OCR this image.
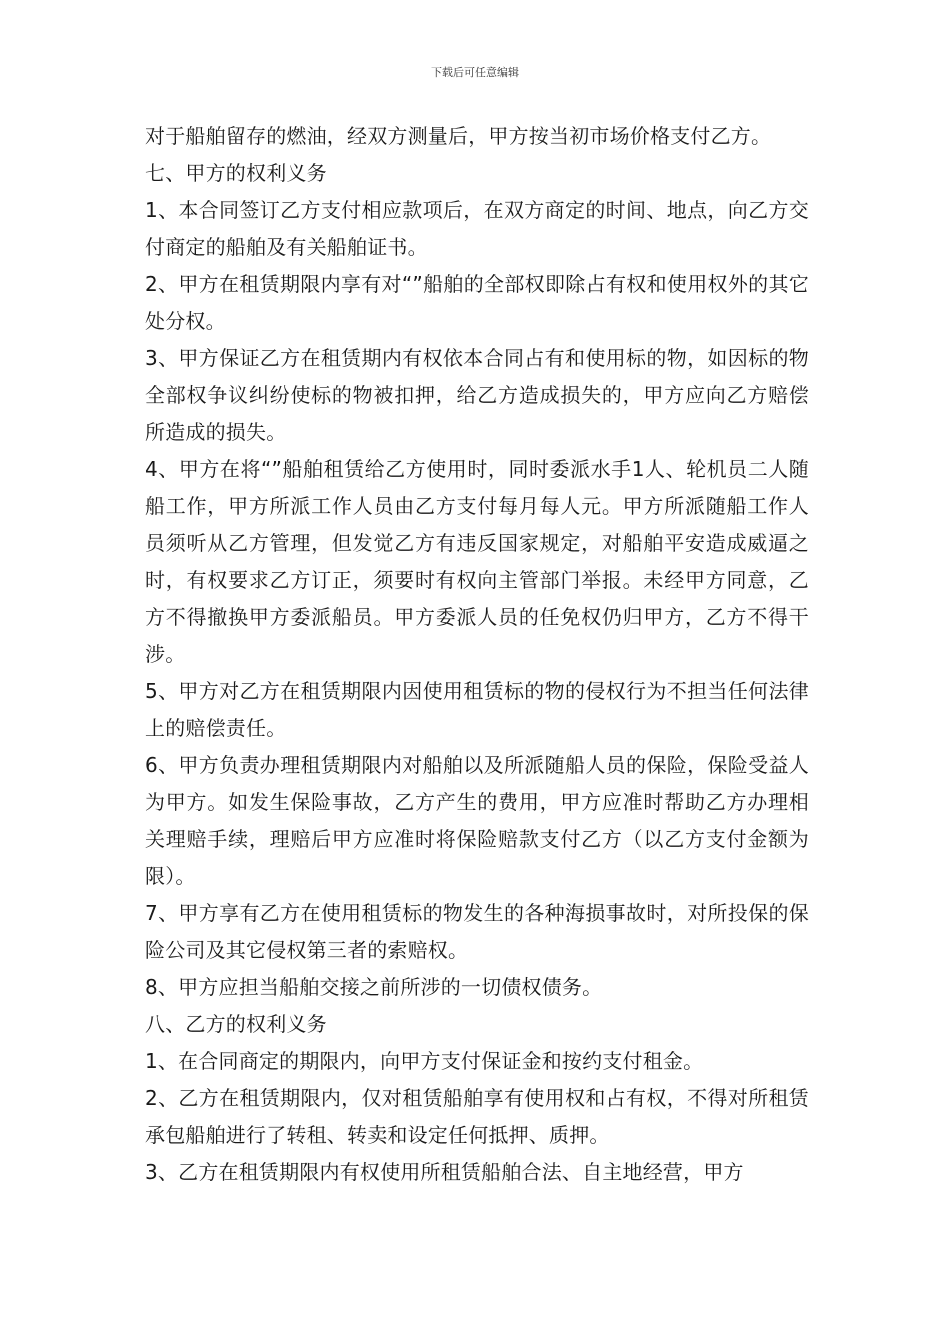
下载后可任意编辑

对于船舶留存的燃油，经双方测量后，甲方按当初市场价格支付乙方。

七、甲方的权利义务

1、本合同签订乙方支付相应款项后，在双方商定的时间、地点，向乙方交付商定的船舶及有关船舶证书。

2、甲方在租赁期限内享有对“”船舶的全部权即除占有权和使用权外的其它处分权。

3、甲方保证乙方在租赁期内有权依本合同占有和使用标的物，如因标的物全部权争议纠纷使标的物被扣押，给乙方造成损失的，甲方应向乙方赔偿所造成的损失。

4、甲方在将“”船舶租赁给乙方使用时，同时委派水手1人、轮机员二人随船工作，甲方所派工作人员由乙方支付每月每人元。甲方所派随船工作人员须听从乙方管理，但发觉乙方有违反国家规定，对船舶平安造成威逼之时，有权要求乙方订正，须要时有权向主管部门举报。未经甲方同意，乙方不得撤换甲方委派船员。甲方委派人员的任免权仍归甲方，乙方不得干涉。

5、甲方对乙方在租赁期限内因使用租赁标的物的侵权行为不担当任何法律上的赔偿责任。

6、甲方负责办理租赁期限内对船舶以及所派随船人员的保险，保险受益人为甲方。如发生保险事故，乙方产生的费用，甲方应准时帮助乙方办理相关理赔手续，理赔后甲方应准时将保险赔款支付乙方（以乙方支付金额为限）。

7、甲方享有乙方在使用租赁标的物发生的各种海损事故时，对所投保的保险公司及其它侵权第三者的索赔权。

8、甲方应担当船舶交接之前所涉的一切债权债务。

八、乙方的权利义务

1、在合同商定的期限内，向甲方支付保证金和按约支付租金。

2、乙方在租赁期限内，仅对租赁船舶享有使用权和占有权，不得对所租赁承包船舶进行了转租、转卖和设定任何抵押、质押。

3、乙方在租赁期限内有权使用所租赁船舶合法、自主地经营，甲方
